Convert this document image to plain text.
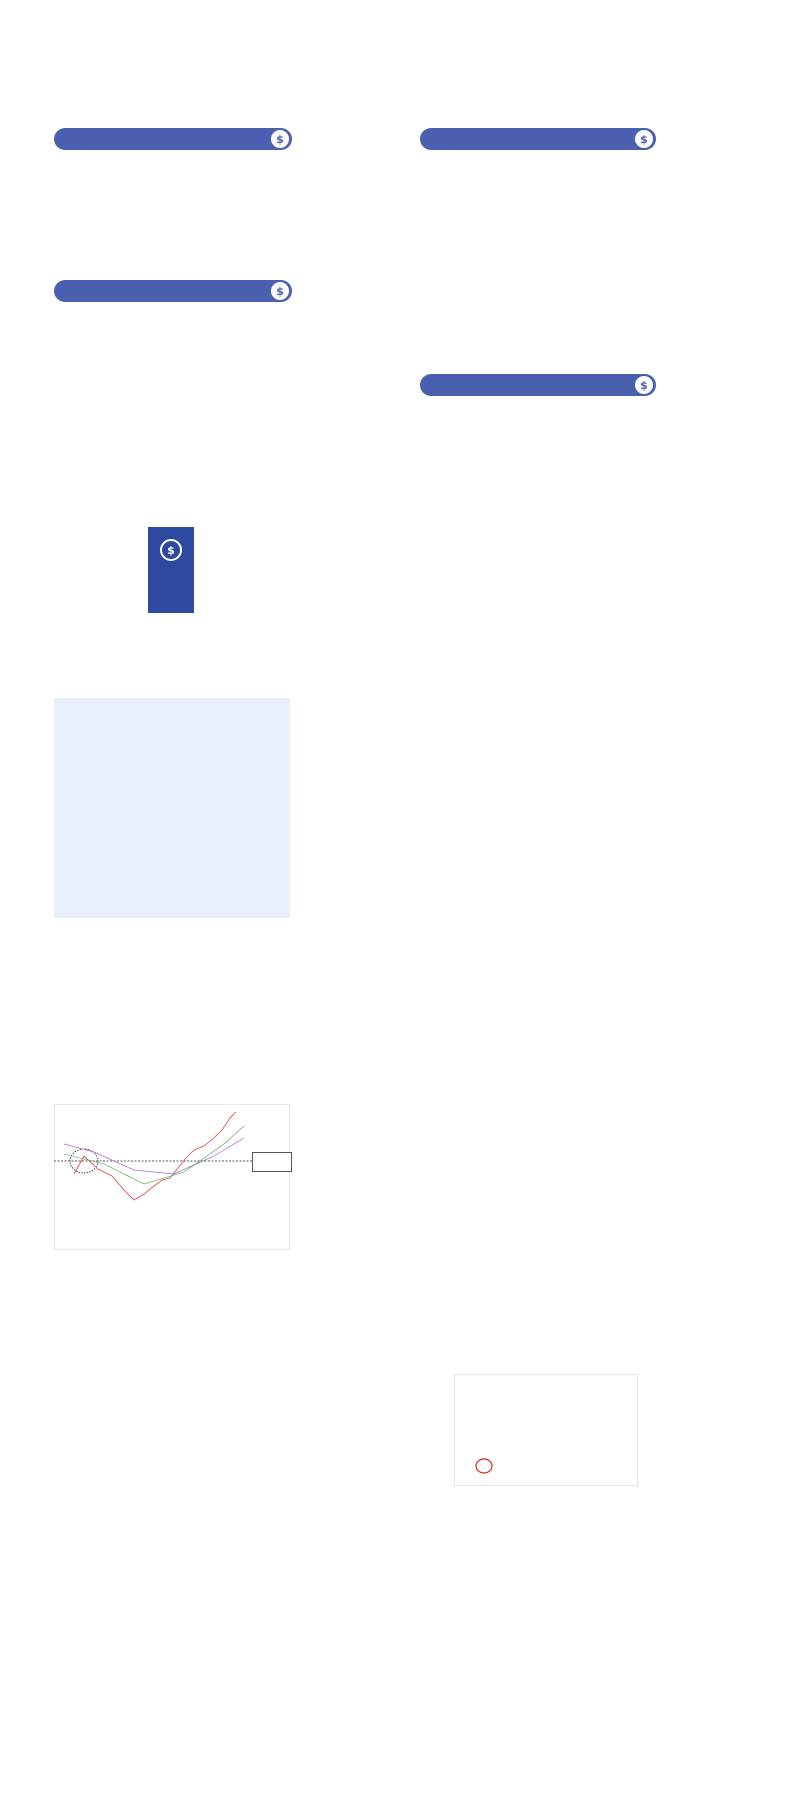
$
$
$
$
$
